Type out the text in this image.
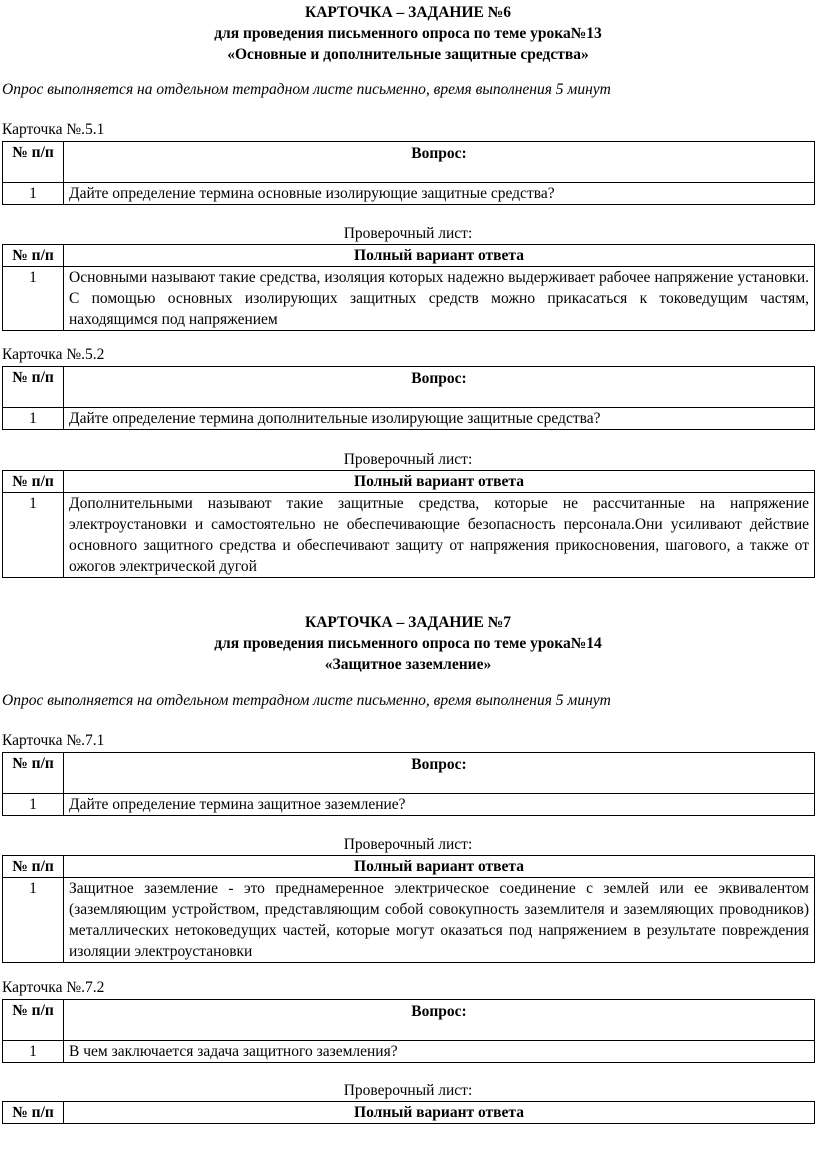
КАРТОЧКА – ЗАДАНИЕ №6
для проведения письменного опроса по теме урока№13
«Основные и дополнительные защитные средства»
Опрос выполняется на отдельном тетрадном листе письменно, время выполнения 5 минут
Карточка №.5.1
№ п/п	Вопрос:
1	Дайте определение термина основные изолирующие защитные средства?
Проверочный лист:
№ п/п	Полный вариант ответа
1	Основными называют такие средства, изоляция которых надежно выдерживает рабочее напряжение установки. С помощью основных изолирующих защитных средств можно прикасаться к токоведущим частям, находящимся под напряжением
Карточка №.5.2
№ п/п	Вопрос:
1	Дайте определение термина дополнительные изолирующие защитные средства?
Проверочный лист:
№ п/п	Полный вариант ответа
1	Дополнительными называют такие защитные средства, которые не рассчитанные на напряжение электроустановки и самостоятельно не обеспечивающие безопасность персонала.Они усиливают действие основного защитного средства и обеспечивают защиту от напряжения прикосновения, шагового, а также от ожогов электрической дугой
КАРТОЧКА – ЗАДАНИЕ №7
для проведения письменного опроса по теме урока№14
«Защитное заземление»
Опрос выполняется на отдельном тетрадном листе письменно, время выполнения 5 минут
Карточка №.7.1
№ п/п	Вопрос:
1	Дайте определение термина защитное заземление?
Проверочный лист:
№ п/п	Полный вариант ответа
1	Защитное заземление - это преднамеренное электрическое соединение с землей или ее эквивалентом (заземляющим устройством, представляющим собой совокупность заземлителя и заземляющих проводников) металлических нетоковедущих частей, которые могут оказаться под напряжением в результате повреждения изоляции электроустановки
Карточка №.7.2
№ п/п	Вопрос:
1	В чем заключается задача защитного заземления?
Проверочный лист:
№ п/п	Полный вариант ответа
